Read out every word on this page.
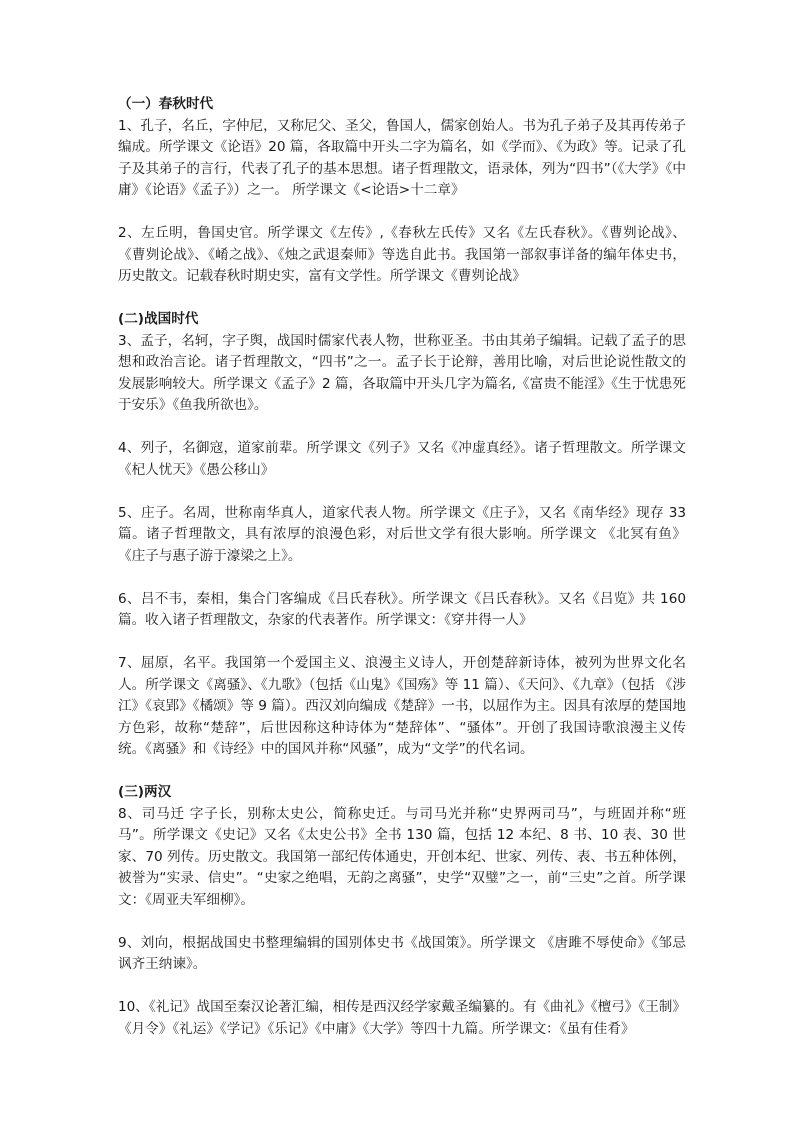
（一）春秋时代

1、孔子，名丘，字仲尼，又称尼父、圣父，鲁国人，儒家创始人。书为孔子弟子及其再传弟子编成。所学课文《论语》20 篇，各取篇中开头二字为篇名，如《学而》、《为政》等。记录了孔子及其弟子的言行，代表了孔子的基本思想。诸子哲理散文，语录体，列为“四书”（《大学》《中庸》《论语》《孟子》）之一。 所学课文《<论语>十二章》

2、左丘明，鲁国史官。所学课文《左传》,《春秋左氏传》又名《左氏春秋》。《曹刿论战》、《曹刿论战》、《崤之战》、《烛之武退秦师》等选自此书。我国第一部叙事详备的编年体史书，历史散文。记载春秋时期史实，富有文学性。所学课文《曹刿论战》

(二)战国时代

3、孟子，名轲，字子舆，战国时儒家代表人物，世称亚圣。书由其弟子编辑。记载了孟子的思想和政治言论。诸子哲理散文，“四书”之一。孟子长于论辩，善用比喻，对后世论说性散文的发展影响较大。所学课文《孟子》2 篇，各取篇中开头几字为篇名,《富贵不能淫》《生于忧患死于安乐》《鱼我所欲也》。

4、列子，名御寇，道家前辈。所学课文《列子》又名《冲虚真经》。诸子哲理散文。所学课文《杞人忧天》《愚公移山》

5、庄子。名周，世称南华真人，道家代表人物。所学课文《庄子》，又名《南华经》现存 33 篇。诸子哲理散文，具有浓厚的浪漫色彩，对后世文学有很大影响。所学课文 《北冥有鱼》《庄子与惠子游于濠梁之上》。

6、吕不韦，秦相，集合门客编成《吕氏春秋》。所学课文《吕氏春秋》。又名《吕览》共 160 篇。收入诸子哲理散文，杂家的代表著作。所学课文：《穿井得一人》

7、屈原，名平。我国第一个爱国主义、浪漫主义诗人，开创楚辞新诗体，被列为世界文化名人。所学课文《离骚》、《九歌》（包括《山鬼》《国殇》等 11 篇）、《天问》、《九章》（包括 《涉江》《哀郢》《橘颂》等 9 篇）。西汉刘向编成《楚辞》一书，以屈作为主。因具有浓厚的楚国地方色彩，故称“楚辞”，后世因称这种诗体为“楚辞体”、“骚体”。开创了我国诗歌浪漫主义传统。《离骚》和《诗经》中的国风并称“风骚”，成为“文学”的代名词。

(三)两汉

8、司马迁 字子长，别称太史公，简称史迁。与司马光并称“史界两司马”，与班固并称“班马”。所学课文《史记》又名《太史公书》全书 130 篇，包括 12 本纪、8 书、10 表、30 世家、70 列传。历史散文。我国第一部纪传体通史，开创本纪、世家、列传、表、书五种体例，被誉为“实录、信史”。“史家之绝唱，无韵之离骚”，史学“双璧”之一，前“三史”之首。所学课文：《周亚夫军细柳》。

9、刘向，根据战国史书整理编辑的国别体史书《战国策》。所学课文 《唐雎不辱使命》《邹忌讽齐王纳谏》。

10、《礼记》战国至秦汉论著汇编，相传是西汉经学家戴圣编纂的。有《曲礼》《檀弓》《王制》《月令》《礼运》《学记》《乐记》《中庸》《大学》等四十九篇。所学课文：《虽有佳肴》
